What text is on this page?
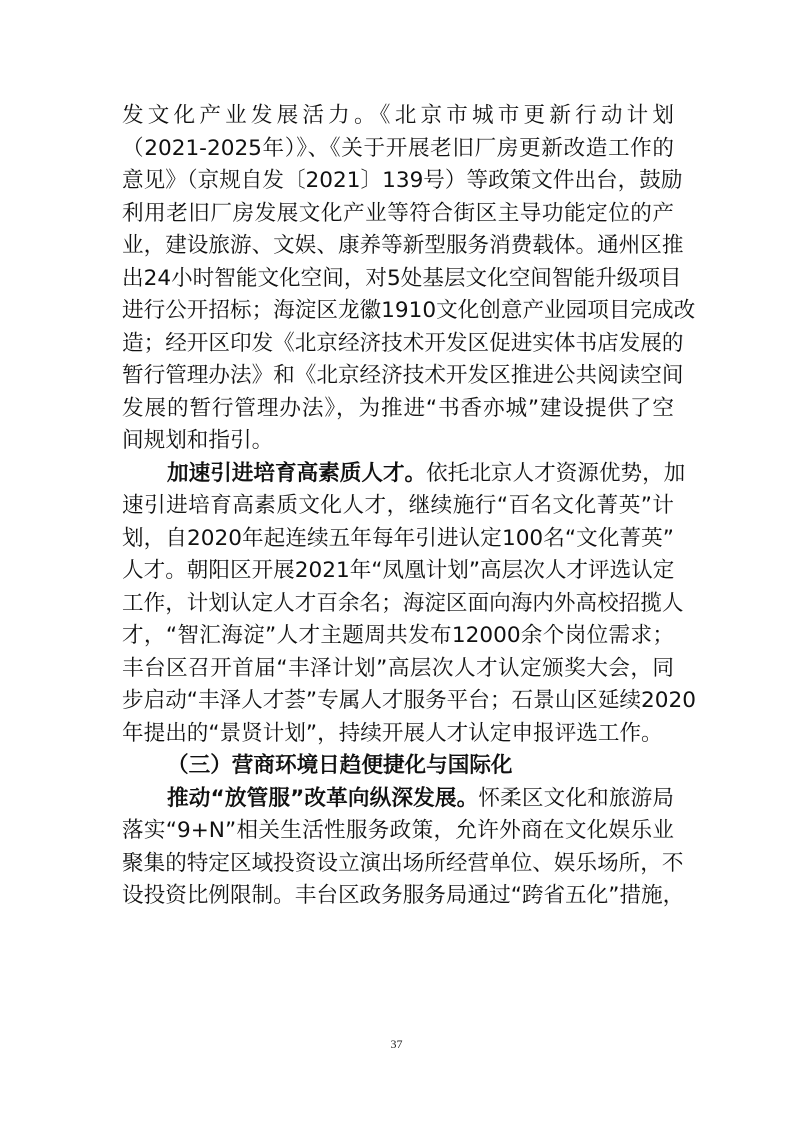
发文化产业发展活力。《北京市城市更新行动计划
（2021-2025年）》、《关于开展老旧厂房更新改造工作的
意见》（京规自发〔2021〕139号）等政策文件出台，鼓励
利用老旧厂房发展文化产业等符合街区主导功能定位的产
业，建设旅游、文娱、康养等新型服务消费载体。通州区推
出24小时智能文化空间，对5处基层文化空间智能升级项目
进行公开招标；海淀区龙徽1910文化创意产业园项目完成改
造；经开区印发《北京经济技术开发区促进实体书店发展的
暂行管理办法》和《北京经济技术开发区推进公共阅读空间
发展的暂行管理办法》，为推进“书香亦城”建设提供了空
间规划和指引。
加速引进培育高素质人才。依托北京人才资源优势，加
速引进培育高素质文化人才，继续施行“百名文化菁英”计
划，自2020年起连续五年每年引进认定100名“文化菁英”
人才。朝阳区开展2021年“凤凰计划”高层次人才评选认定
工作，计划认定人才百余名；海淀区面向海内外高校招揽人
才，“智汇海淀”人才主题周共发布12000余个岗位需求；
丰台区召开首届“丰泽计划”高层次人才认定颁奖大会，同
步启动“丰泽人才荟”专属人才服务平台；石景山区延续2020
年提出的“景贤计划”，持续开展人才认定申报评选工作。
（三）营商环境日趋便捷化与国际化
推动“放管服”改革向纵深发展。怀柔区文化和旅游局
落实“9+N”相关生活性服务政策，允许外商在文化娱乐业
聚集的特定区域投资设立演出场所经营单位、娱乐场所，不
设投资比例限制。丰台区政务服务局通过“跨省五化”措施，
37
